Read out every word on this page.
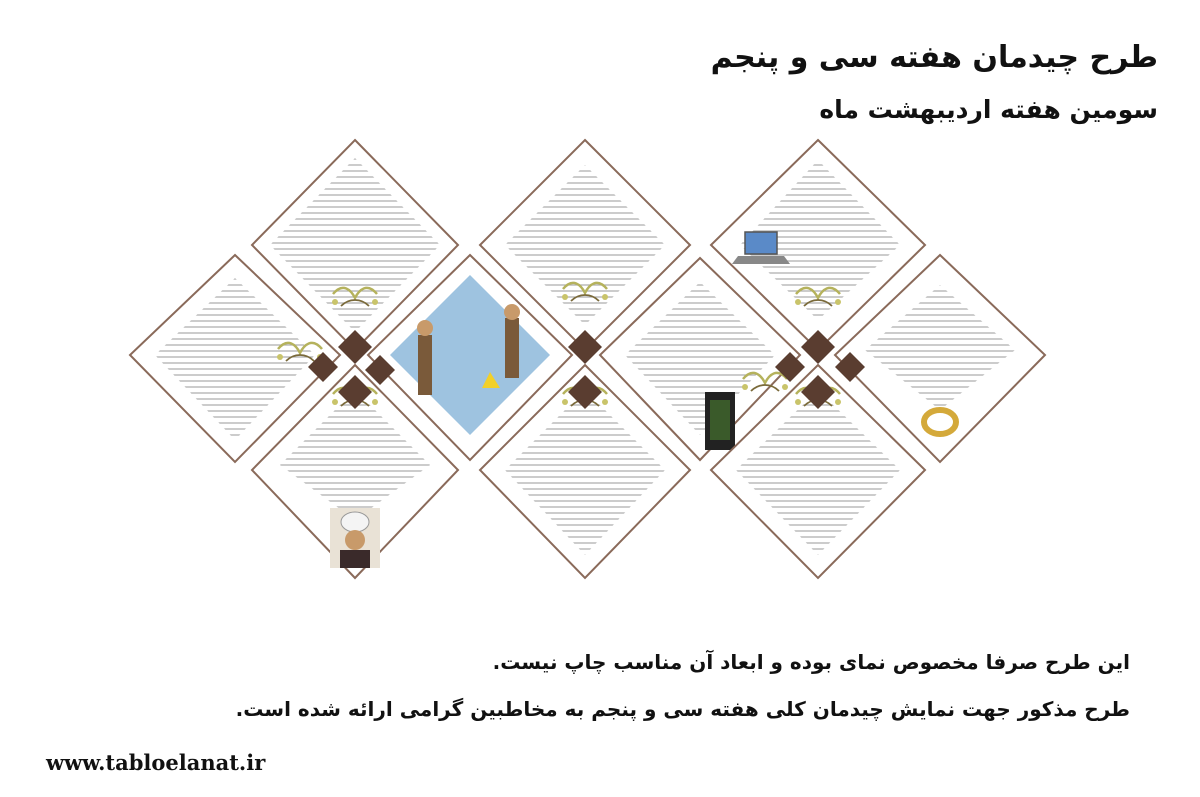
طرح چیدمان هفته سی و پنجم
سومین هفته اردیبهشت ماه
این طرح صرفا مخصوص نمای بوده و ابعاد آن مناسب چاپ نیست.
طرح مذکور جهت نمایش چیدمان کلی هفته سی و پنجم به مخاطبین گرامی ارائه شده است.
www.tabloelanat.ir
